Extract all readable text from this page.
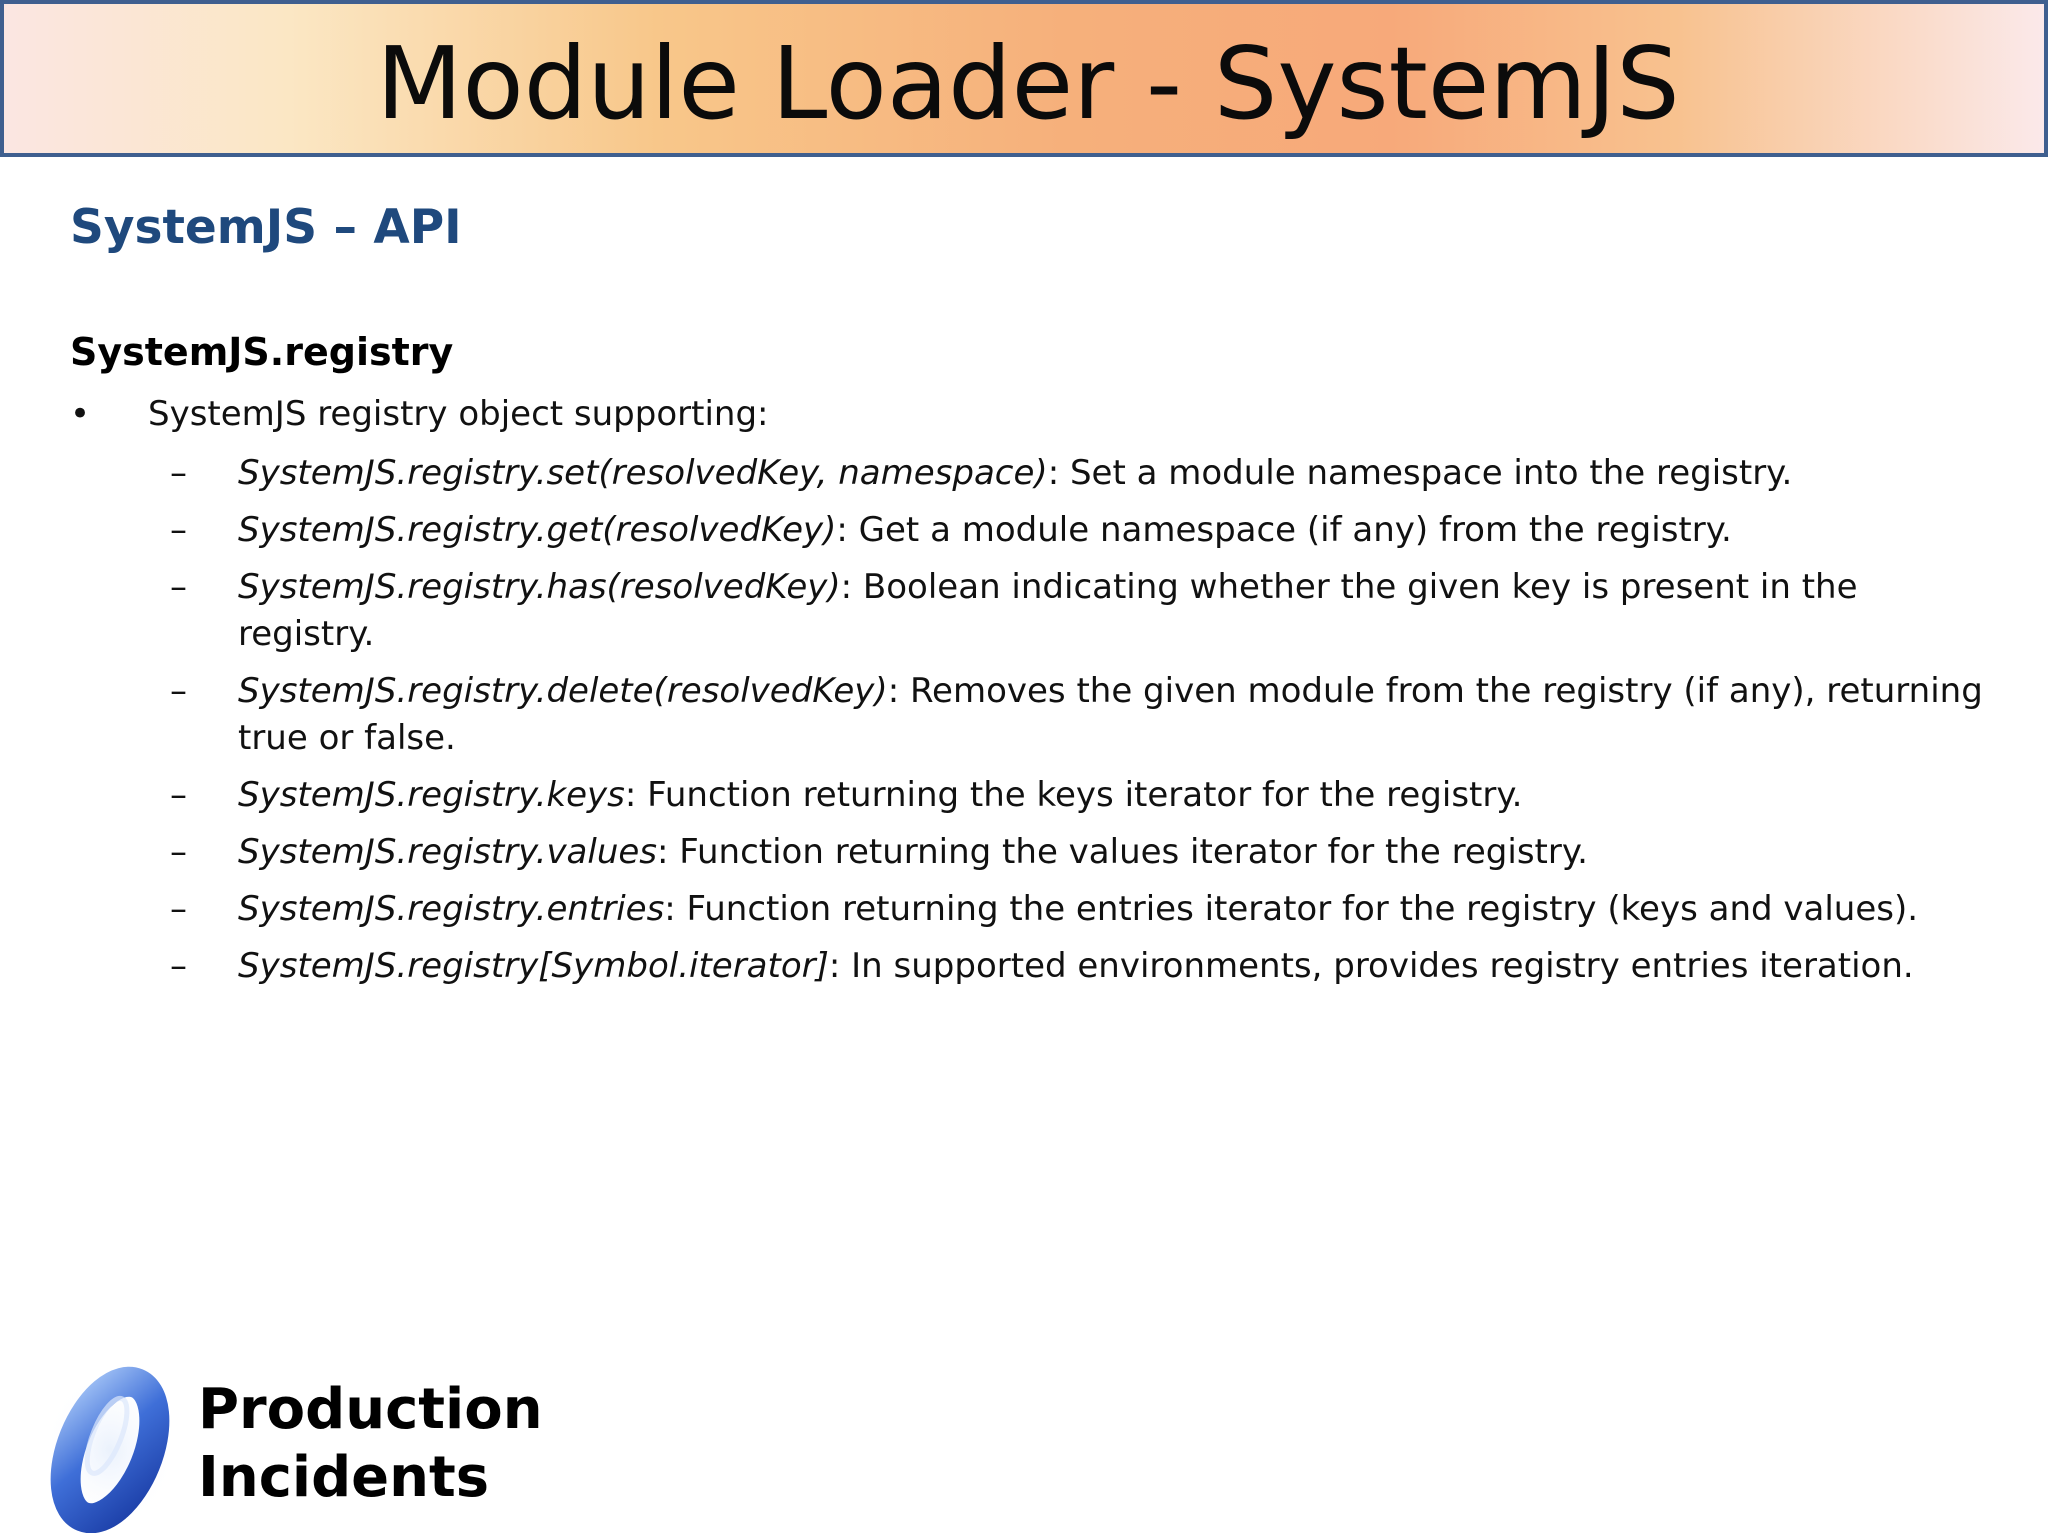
Module Loader - SystemJS
SystemJS – API
SystemJS.registry
• SystemJS registry object supporting:
– SystemJS.registry.set(resolvedKey, namespace): Set a module namespace into the registry.
– SystemJS.registry.get(resolvedKey): Get a module namespace (if any) from the registry.
– SystemJS.registry.has(resolvedKey): Boolean indicating whether the given key is present in the registry.
– SystemJS.registry.delete(resolvedKey): Removes the given module from the registry (if any), returning true or false.
– SystemJS.registry.keys: Function returning the keys iterator for the registry.
– SystemJS.registry.values: Function returning the values iterator for the registry.
– SystemJS.registry.entries: Function returning the entries iterator for the registry (keys and values).
– SystemJS.registry[Symbol.iterator]: In supported environments, provides registry entries iteration.
Production
Incidents
